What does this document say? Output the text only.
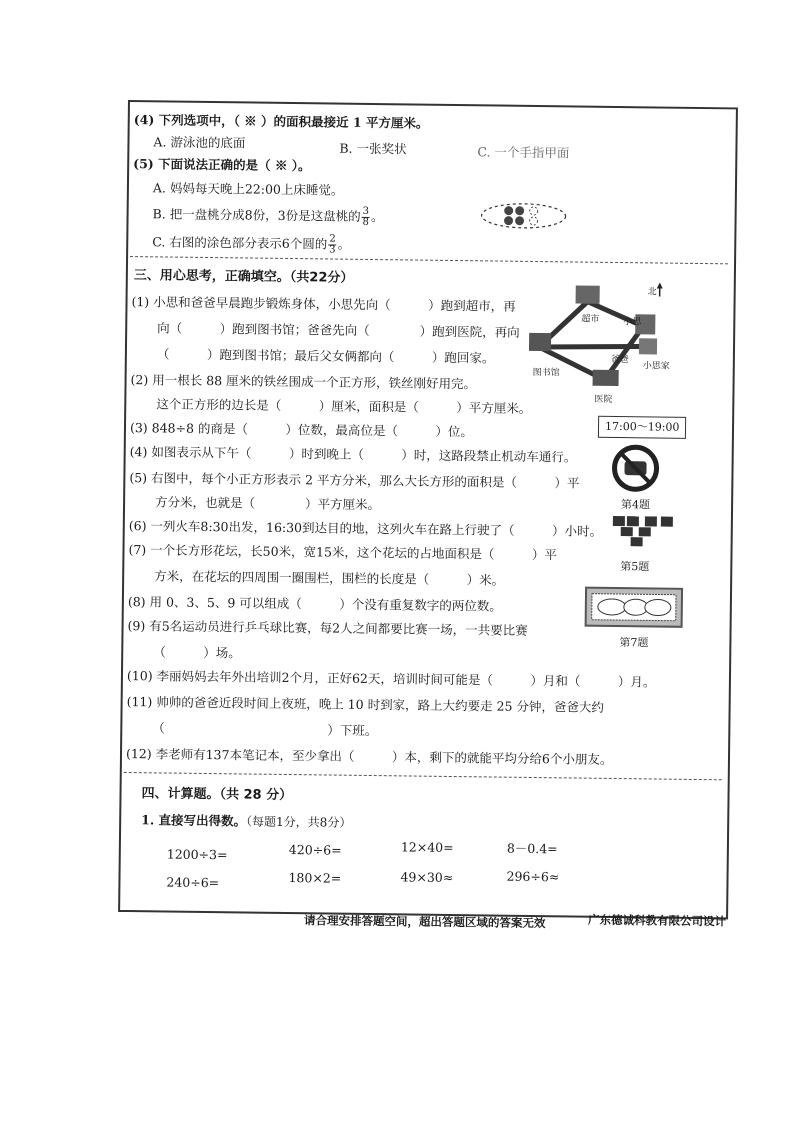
(4) 下列选项中，（ ※ ）的面积最接近 1 平方厘米。
A. 游泳池的底面	B. 一张奖状	C. 一个手指甲面
(5) 下面说法正确的是（ ※ ）。
A. 妈妈每天晚上22:00上床睡觉。
B. 把一盘桃分成8份，3份是这盘桃的 $\frac{3}{8}$ 。
C. 右图的涂色部分表示6个圆的 $\frac{2}{3}$ 。
三、用心思考，正确填空。（共22分）
(1) 小思和爸爸早晨跑步锻炼身体，小思先向（　　　）跑到超市，再
向（　　　）跑到图书馆；爸爸先向（　　　　）跑到医院，再向
（　　　）跑到图书馆；最后父女俩都向（　　　）跑回家。
(2) 用一根长 88 厘米的铁丝围成一个正方形，铁丝刚好用完。
这个正方形的边长是（　　　）厘米，面积是（　　　）平方厘米。
(3) 848÷8 的商是（　　　）位数，最高位是（　　　）位。
(4) 如图表示从下午（　　　）时到晚上（　　　）时，这路段禁止机动车通行。
(5) 右图中，每个小正方形表示 2 平方分米，那么大长方形的面积是（　　　）平
方分米，也就是（　　　　）平方厘米。
(6) 一列火车8:30出发，16:30到达目的地，这列火车在路上行驶了（　　　）小时。
(7) 一个长方形花坛，长50米，宽15米，这个花坛的占地面积是（　　　）平
方米，在花坛的四周围一圈围栏，围栏的长度是（　　　）米。
(8) 用 0、3、5、9 可以组成（　　　）个没有重复数字的两位数。
(9) 有5名运动员进行乒乓球比赛，每2人之间都要比赛一场，一共要比赛
（　　　）场。
(10) 李丽妈妈去年外出培训2个月，正好62天，培训时间可能是（　　　）月和（　　　）月。
(11) 帅帅的爸爸近段时间上夜班，晚上 10 时到家，路上大约要走 25 分钟，爸爸大约
（　　　　　　　　　　　　　）下班。
(12) 李老师有137本笔记本，至少拿出（　　　）本，剩下的就能平均分给6个小朋友。
北
超市
图书馆
医院
小思
爸爸
小思家
17:00～19:00
第4题
第5题
第7题
四、计算题。（共 28 分）
1. 直接写出得数。（每题1分，共8分）
1200÷3=	420÷6=	12×40=	8－0.4=
240÷6=	180×2=	49×30≈	296÷6≈
请合理安排答题空间，超出答题区域的答案无效	广东德诚科教有限公司设计
